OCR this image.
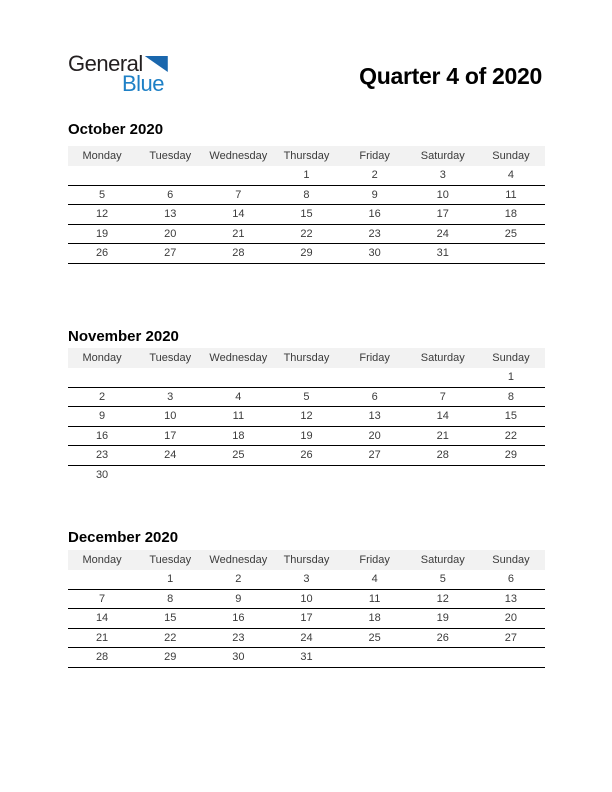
General
Blue	Quarter 4 of 2020
October 2020
Monday	Tuesday	Wednesday	Thursday	Friday	Saturday	Sunday
			1	2	3	4
5	6	7	8	9	10	11
12	13	14	15	16	17	18
19	20	21	22	23	24	25
26	27	28	29	30	31	
November 2020
Monday	Tuesday	Wednesday	Thursday	Friday	Saturday	Sunday
						1
2	3	4	5	6	7	8
9	10	11	12	13	14	15
16	17	18	19	20	21	22
23	24	25	26	27	28	29
30						
December 2020
Monday	Tuesday	Wednesday	Thursday	Friday	Saturday	Sunday
	1	2	3	4	5	6
7	8	9	10	11	12	13
14	15	16	17	18	19	20
21	22	23	24	25	26	27
28	29	30	31			
